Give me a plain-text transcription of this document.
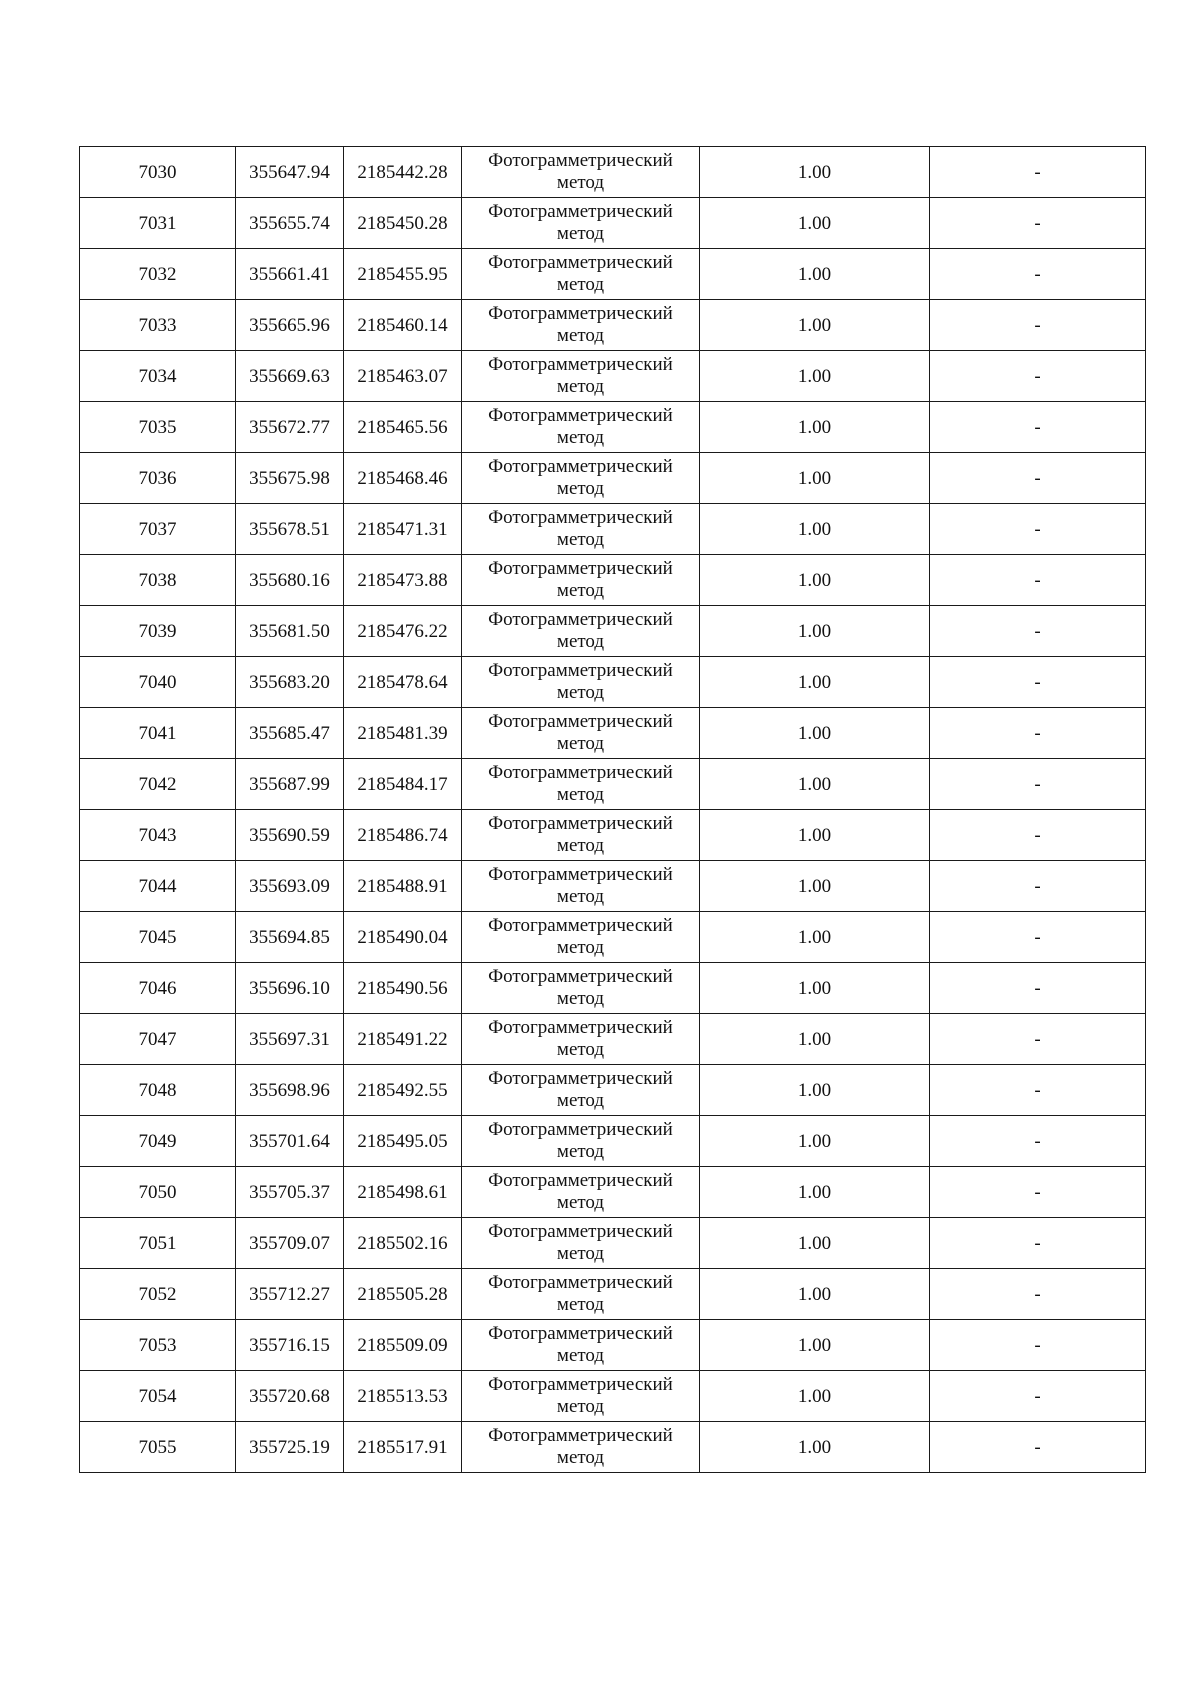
7030	355647.94	2185442.28	Фотограмметрический
метод	1.00	-
7031	355655.74	2185450.28	Фотограмметрический
метод	1.00	-
7032	355661.41	2185455.95	Фотограмметрический
метод	1.00	-
7033	355665.96	2185460.14	Фотограмметрический
метод	1.00	-
7034	355669.63	2185463.07	Фотограмметрический
метод	1.00	-
7035	355672.77	2185465.56	Фотограмметрический
метод	1.00	-
7036	355675.98	2185468.46	Фотограмметрический
метод	1.00	-
7037	355678.51	2185471.31	Фотограмметрический
метод	1.00	-
7038	355680.16	2185473.88	Фотограмметрический
метод	1.00	-
7039	355681.50	2185476.22	Фотограмметрический
метод	1.00	-
7040	355683.20	2185478.64	Фотограмметрический
метод	1.00	-
7041	355685.47	2185481.39	Фотограмметрический
метод	1.00	-
7042	355687.99	2185484.17	Фотограмметрический
метод	1.00	-
7043	355690.59	2185486.74	Фотограмметрический
метод	1.00	-
7044	355693.09	2185488.91	Фотограмметрический
метод	1.00	-
7045	355694.85	2185490.04	Фотограмметрический
метод	1.00	-
7046	355696.10	2185490.56	Фотограмметрический
метод	1.00	-
7047	355697.31	2185491.22	Фотограмметрический
метод	1.00	-
7048	355698.96	2185492.55	Фотограмметрический
метод	1.00	-
7049	355701.64	2185495.05	Фотограмметрический
метод	1.00	-
7050	355705.37	2185498.61	Фотограмметрический
метод	1.00	-
7051	355709.07	2185502.16	Фотограмметрический
метод	1.00	-
7052	355712.27	2185505.28	Фотограмметрический
метод	1.00	-
7053	355716.15	2185509.09	Фотограмметрический
метод	1.00	-
7054	355720.68	2185513.53	Фотограмметрический
метод	1.00	-
7055	355725.19	2185517.91	Фотограмметрический
метод	1.00	-
